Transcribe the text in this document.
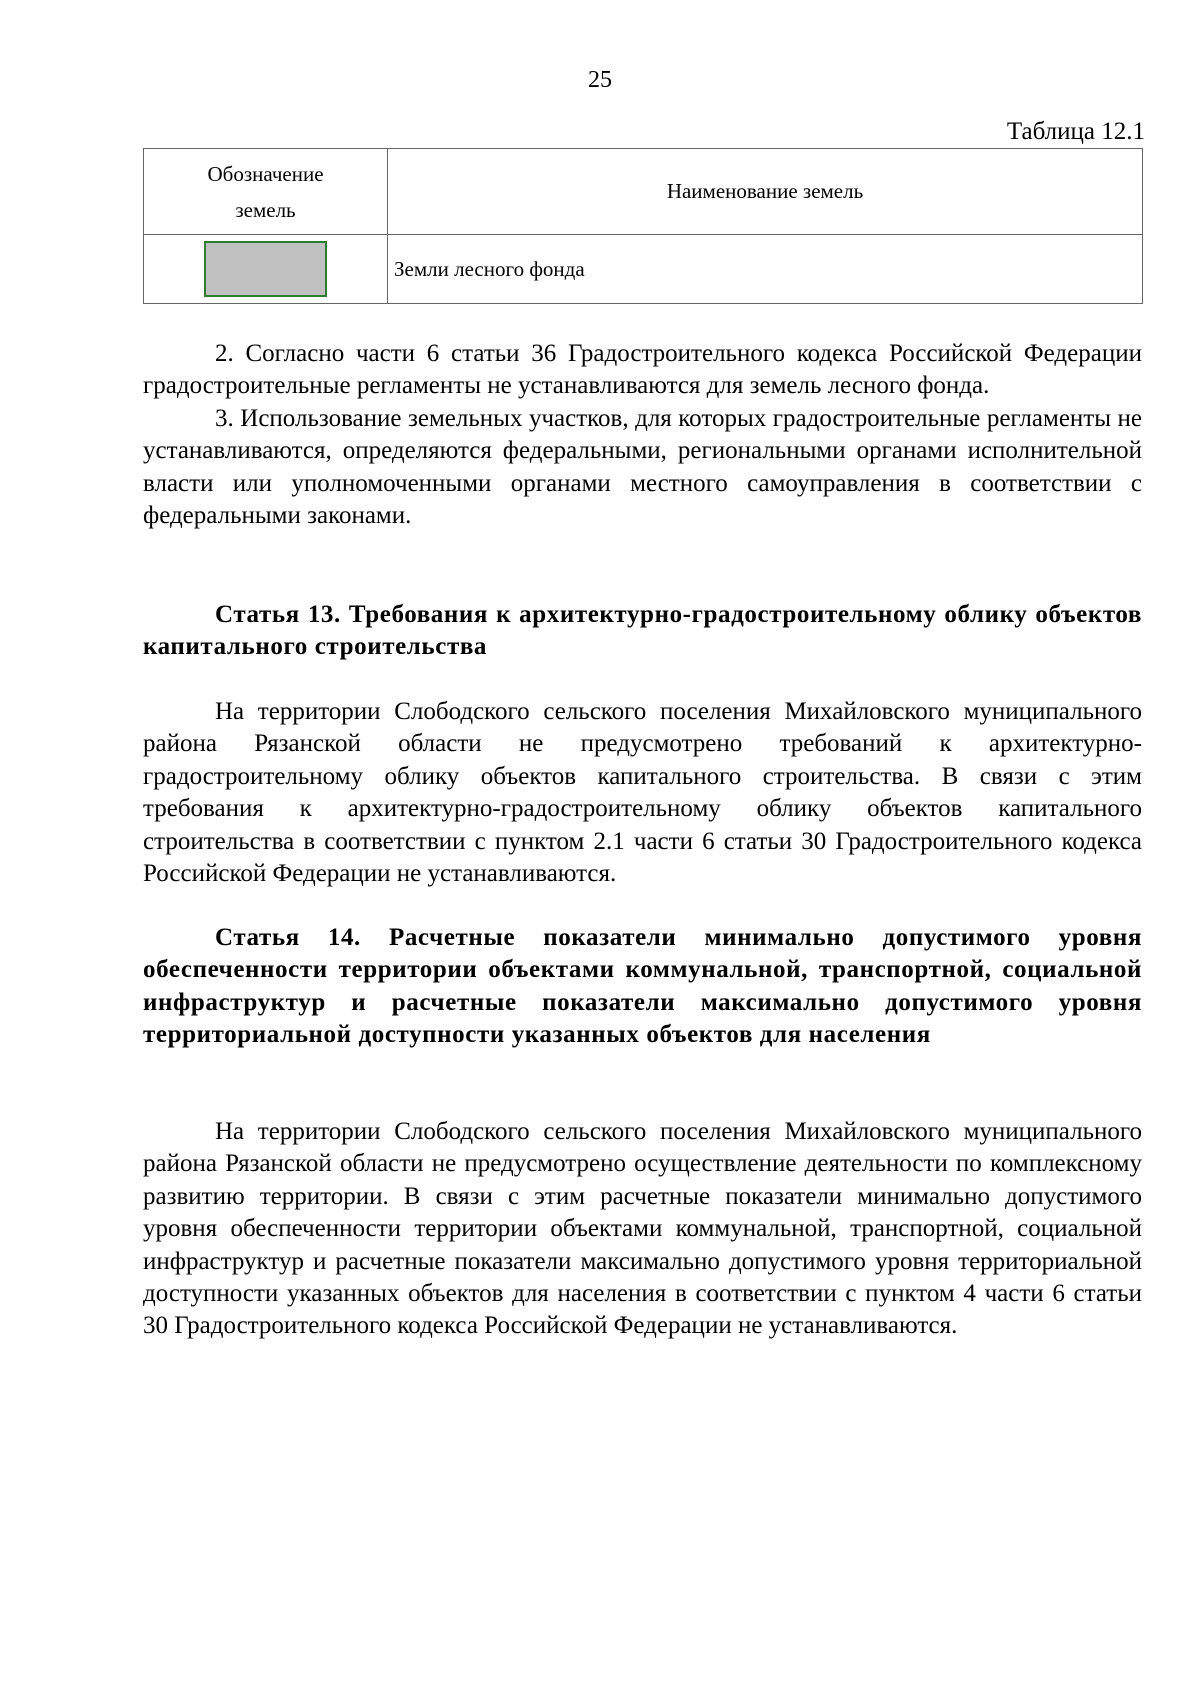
25
Таблица 12.1
Обозначение земель	Наименование земель
	Земли лесного фонда

2. Согласно части 6 статьи 36 Градостроительного кодекса Российской Федерации градостроительные регламенты не устанавливаются для земель лесного фонда.

3. Использование земельных участков, для которых градостроительные регламенты не устанавливаются, определяются федеральными, региональными органами исполнительной власти или уполномоченными органами местного самоуправления в соответствии с федеральными законами.

Статья 13. Требования к архитектурно-градостроительному облику объектов капитального строительства

На территории Слободского сельского поселения Михайловского муниципального района Рязанской области не предусмотрено требований к архитектурно-градостроительному облику объектов капитального строительства. В связи с этим требования к архитектурно-градостроительному облику объектов капитального строительства в соответствии с пунктом 2.1 части 6 статьи 30 Градостроительного кодекса Российской Федерации не устанавливаются.

Статья 14. Расчетные показатели минимально допустимого уровня обеспеченности территории объектами коммунальной, транспортной, социальной инфраструктур и расчетные показатели максимально допустимого уровня территориальной доступности указанных объектов для населения

На территории Слободского сельского поселения Михайловского муниципального района Рязанской области не предусмотрено осуществление деятельности по комплексному развитию территории. В связи с этим расчетные показатели минимально допустимого уровня обеспеченности территории объектами коммунальной, транспортной, социальной инфраструктур и расчетные показатели максимально допустимого уровня территориальной доступности указанных объектов для населения в соответствии с пунктом 4 части 6 статьи 30 Градостроительного кодекса Российской Федерации не устанавливаются.
